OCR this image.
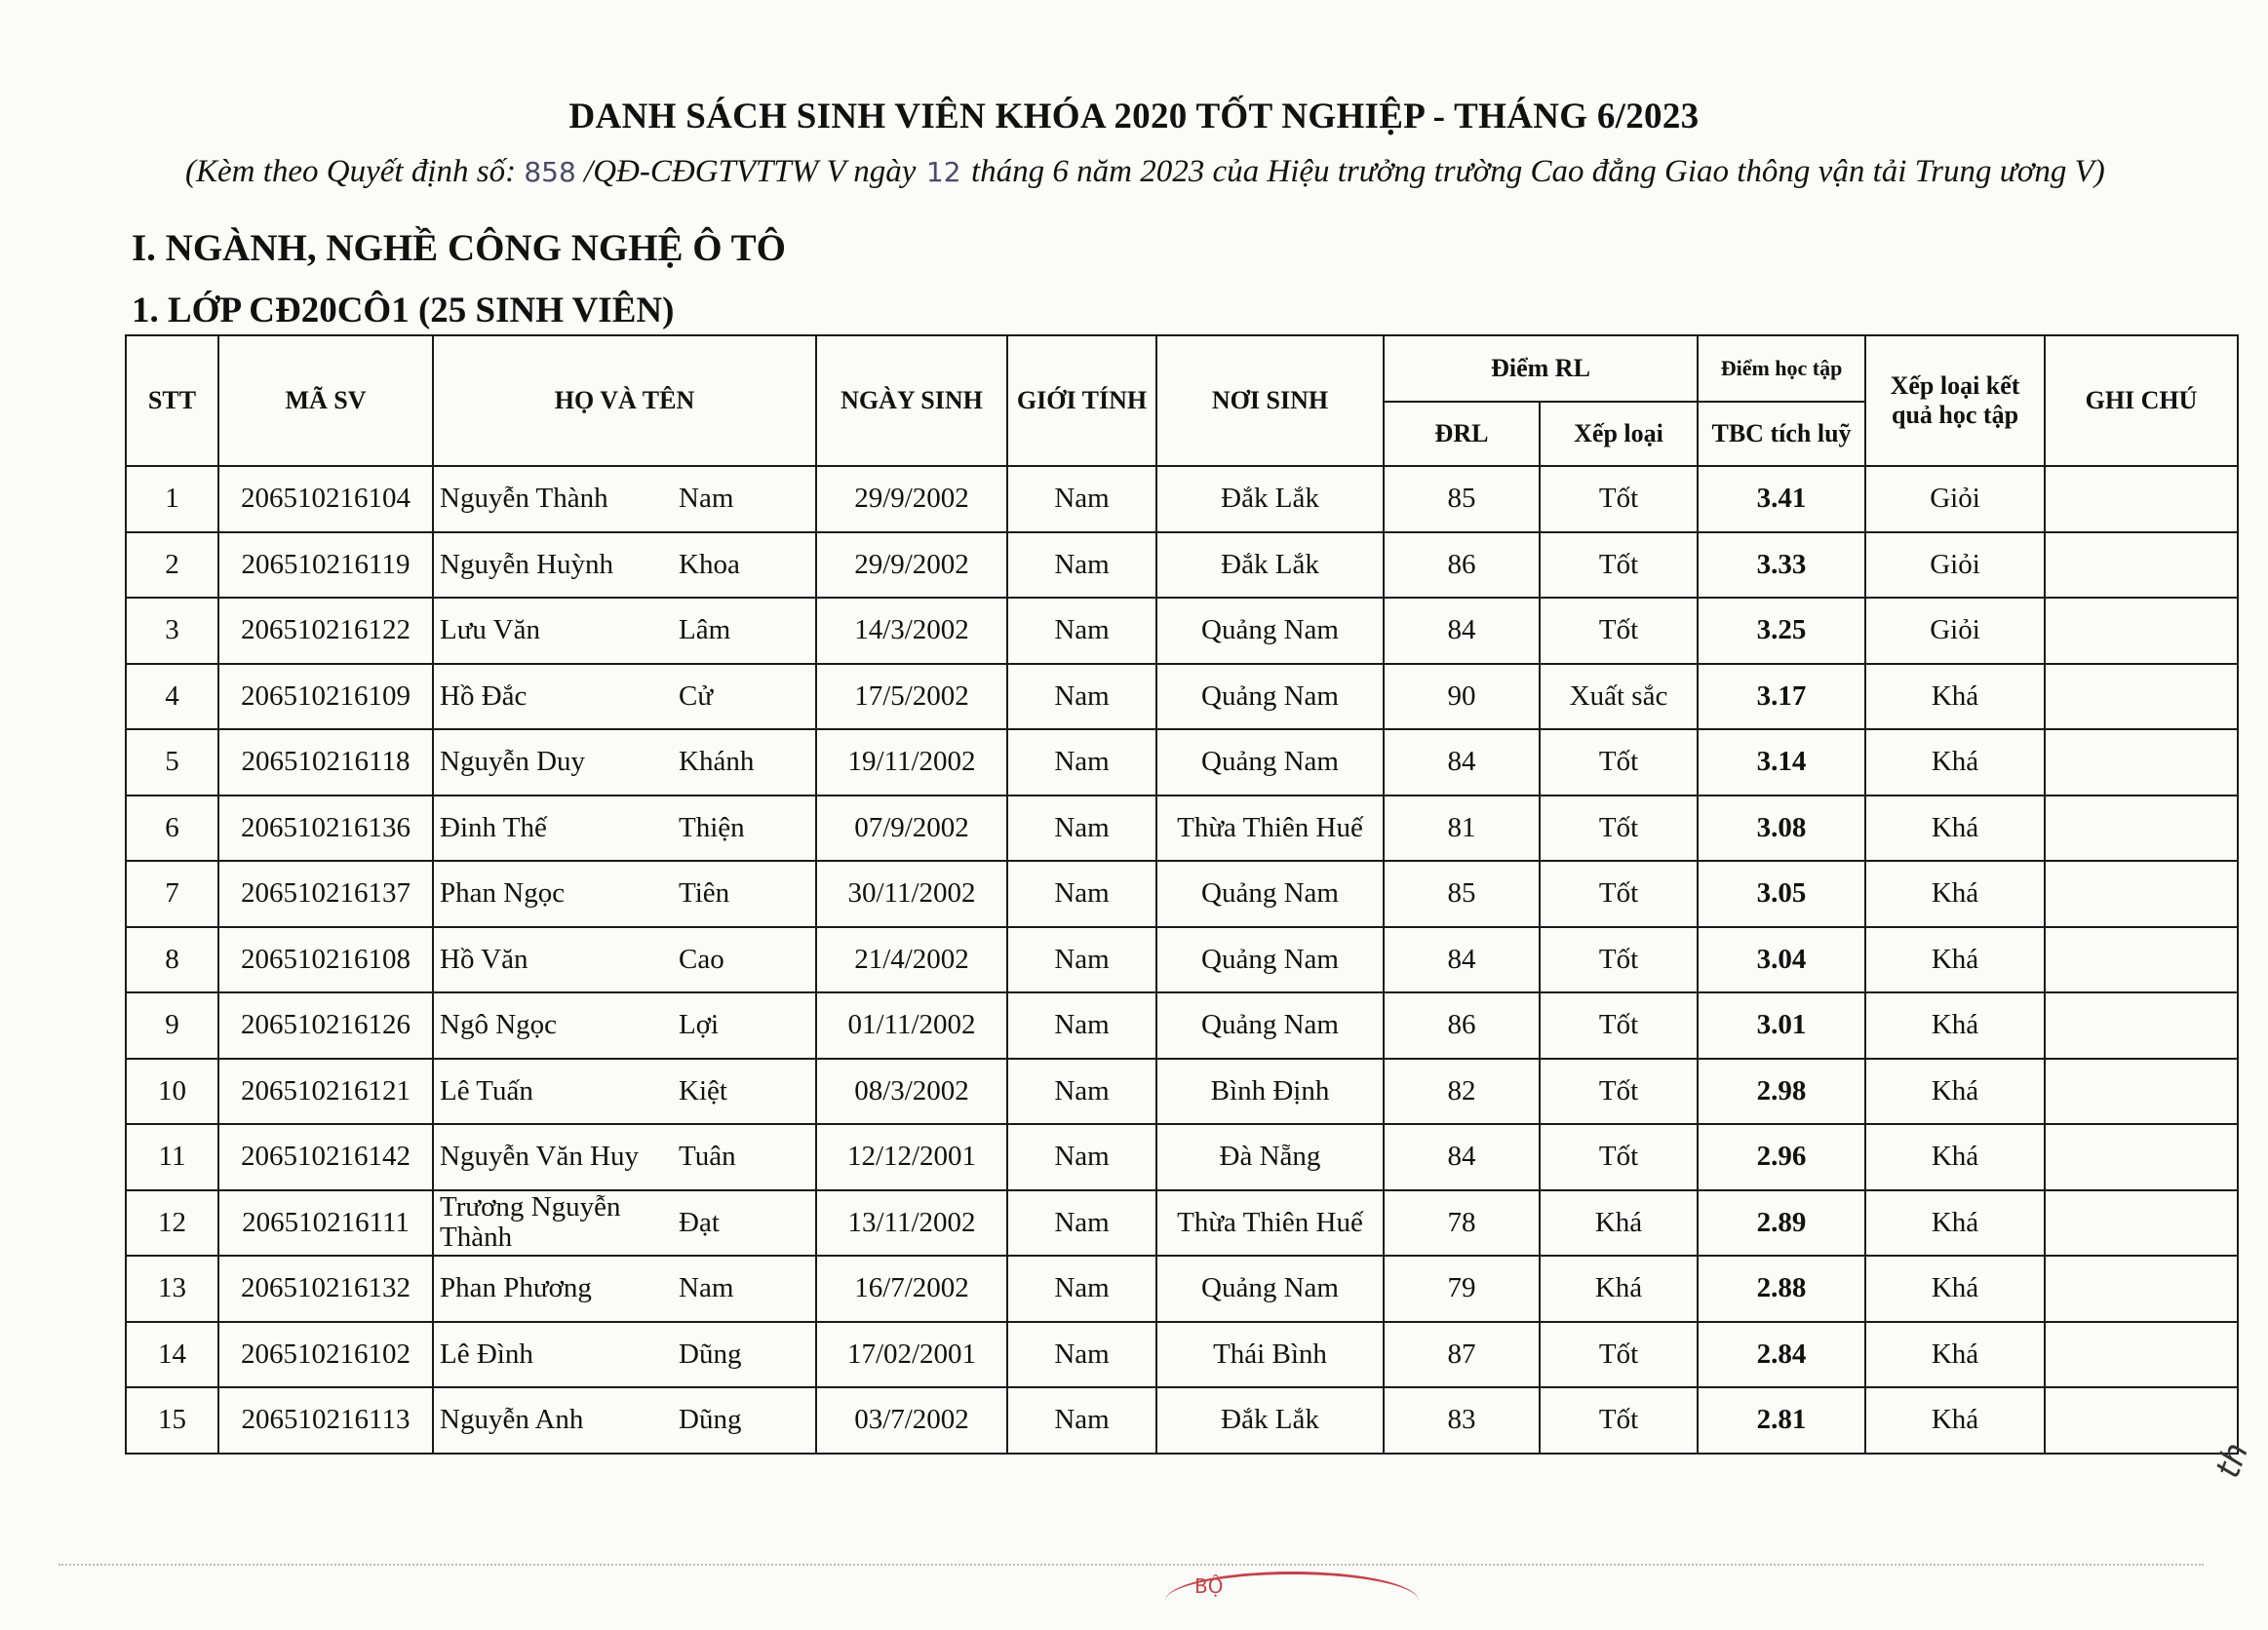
DANH SÁCH SINH VIÊN KHÓA 2020 TỐT NGHIỆP - THÁNG 6/2023
(Kèm theo Quyết định số: 858 /QĐ-CĐGTVTTW V ngày 12 tháng 6 năm 2023 của Hiệu trưởng trường Cao đẳng Giao thông vận tải Trung ương V)
I. NGÀNH, NGHỀ CÔNG NGHỆ Ô TÔ
1. LỚP CĐ20CÔ1 (25 SINH VIÊN)
STT	MÃ SV	HỌ VÀ TÊN	NGÀY SINH	GIỚI TÍNH	NƠI SINH	Điểm RL		Điểm học tập	Xếp loại kết quả học tập	GHI CHÚ
						ĐRL	Xếp loại	TBC tích luỹ		
1	206510216104	Nguyễn Thành Nam	29/9/2002	Nam	Đắk Lắk	85	Tốt	3.41	Giỏi	
2	206510216119	Nguyễn Huỳnh Khoa	29/9/2002	Nam	Đắk Lắk	86	Tốt	3.33	Giỏi	
3	206510216122	Lưu Văn Lâm	14/3/2002	Nam	Quảng Nam	84	Tốt	3.25	Giỏi	
4	206510216109	Hồ Đắc Cử	17/5/2002	Nam	Quảng Nam	90	Xuất sắc	3.17	Khá	
5	206510216118	Nguyễn Duy Khánh	19/11/2002	Nam	Quảng Nam	84	Tốt	3.14	Khá	
6	206510216136	Đinh Thế Thiện	07/9/2002	Nam	Thừa Thiên Huế	81	Tốt	3.08	Khá	
7	206510216137	Phan Ngọc Tiên	30/11/2002	Nam	Quảng Nam	85	Tốt	3.05	Khá	
8	206510216108	Hồ Văn Cao	21/4/2002	Nam	Quảng Nam	84	Tốt	3.04	Khá	
9	206510216126	Ngô Ngọc Lợi	01/11/2002	Nam	Quảng Nam	86	Tốt	3.01	Khá	
10	206510216121	Lê Tuấn Kiệt	08/3/2002	Nam	Bình Định	82	Tốt	2.98	Khá	
11	206510216142	Nguyễn Văn Huy Tuân	12/12/2001	Nam	Đà Nẵng	84	Tốt	2.96	Khá	
12	206510216111	Trương Nguyễn Thành Đạt	13/11/2002	Nam	Thừa Thiên Huế	78	Khá	2.89	Khá	
13	206510216132	Phan Phương Nam	16/7/2002	Nam	Quảng Nam	79	Khá	2.88	Khá	
14	206510216102	Lê Đình Dũng	17/02/2001	Nam	Thái Bình	87	Tốt	2.84	Khá	
15	206510216113	Nguyễn Anh Dũng	03/7/2002	Nam	Đắk Lắk	83	Tốt	2.81	Khá	
BỘ
th
